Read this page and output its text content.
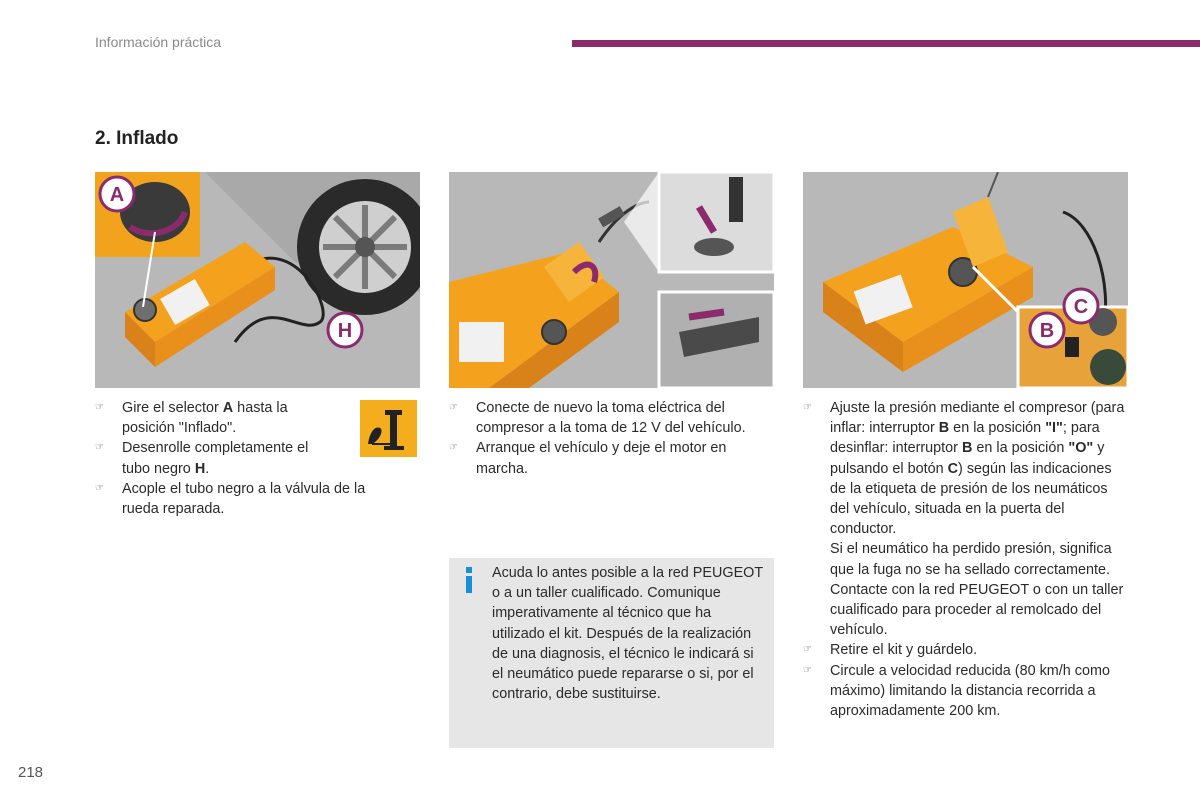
Información práctica
2. Inflado
A
H
C
B
☞	Gire el selector A hasta la posición "Inflado".
☞	Desenrolle completamente el tubo negro H.
☞	Acople el tubo negro a la válvula de la rueda reparada.
☞	Conecte de nuevo la toma eléctrica del compresor a la toma de 12 V del vehículo.
☞	Arranque el vehículo y deje el motor en marcha.
Acuda lo antes posible a la red PEUGEOT o a un taller cualificado. Comunique imperativamente al técnico que ha utilizado el kit. Después de la realización de una diagnosis, el técnico le indicará si el neumático puede repararse o si, por el contrario, debe sustituirse.
☞	Ajuste la presión mediante el compresor (para inflar: interruptor B en la posición "I"; para desinflar: interruptor B en la posición "O" y pulsando el botón C) según las indicaciones de la etiqueta de presión de los neumáticos del vehículo, situada en la puerta del conductor.
Si el neumático ha perdido presión, significa que la fuga no se ha sellado correctamente. Contacte con la red PEUGEOT o con un taller cualificado para proceder al remolcado del vehículo.
☞	Retire el kit y guárdelo.
☞	Circule a velocidad reducida (80 km/h como máximo) limitando la distancia recorrida a aproximadamente 200 km.
218
